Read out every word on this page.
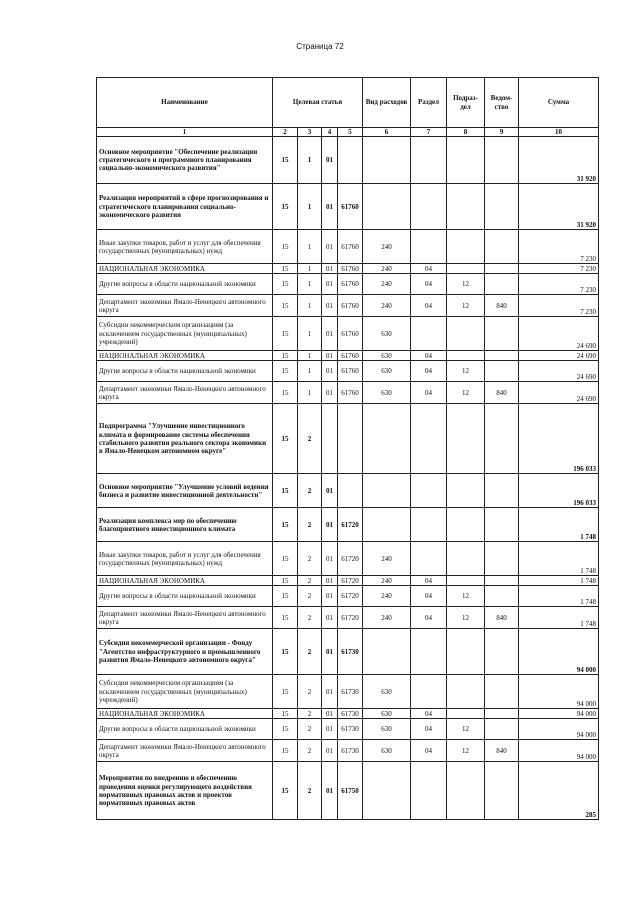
Страница 72
Наименование	Целевая статья				Вид расходов	Раздел	Подраз-дел	Ведом-ство	Сумма
1	2	3	4	5	6	7	8	9	10
Основное мероприятие "Обеспечение реализации стратегического и программного планирования социально-экономического развития"	15	1	01						31 920
Реализация мероприятий в сфере прогнозирования и стратегического планирования социально-экономического развития	15	1	01	61760					31 920
Иные закупки товаров, работ и услуг для обеспечения государственных (муниципальных) нужд	15	1	01	61760	240				7 230
НАЦИОНАЛЬНАЯ ЭКОНОМИКА	15	1	01	61760	240	04			7 230
Другие вопросы в области национальной экономики	15	1	01	61760	240	04	12		7 230
Департамент экономики Ямало-Ненецкого автономного округа	15	1	01	61760	240	04	12	840	7 230
Субсидии некоммерческим организациям (за исключением государственных (муниципальных) учреждений)	15	1	01	61760	630				24 690
НАЦИОНАЛЬНАЯ ЭКОНОМИКА	15	1	01	61760	630	04			24 690
Другие вопросы в области национальной экономики	15	1	01	61760	630	04	12		24 690
Департамент экономики Ямало-Ненецкого автономного округа	15	1	01	61760	630	04	12	840	24 690
Подпрограмма "Улучшение инвестиционного климата и формирование системы обеспечения стабильного развития реального сектора экономики в Ямало-Ненецком автономном округе"	15	2							196 033
Основное мероприятие "Улучшение условий ведения бизнеса и развитие инвестиционной деятельности"	15	2	01						196 033
Реализация комплекса мер по обеспечению благоприятного инвестиционного климата	15	2	01	61720					1 748
Иные закупки товаров, работ и услуг для обеспечения государственных (муниципальных) нужд	15	2	01	61720	240				1 748
НАЦИОНАЛЬНАЯ ЭКОНОМИКА	15	2	01	61720	240	04			1 748
Другие вопросы в области национальной экономики	15	2	01	61720	240	04	12		1 748
Департамент экономики Ямало-Ненецкого автономного округа	15	2	01	61720	240	04	12	840	1 748
Субсидия некоммерческой организации - Фонду "Агентство инфраструктурного и промышленного развития Ямало-Ненецкого автономного округа"	15	2	01	61730					94 000
Субсидии некоммерческим организациям (за исключением государственных (муниципальных) учреждений)	15	2	01	61730	630				94 000
НАЦИОНАЛЬНАЯ ЭКОНОМИКА	15	2	01	61730	630	04			94 000
Другие вопросы в области национальной экономики	15	2	01	61730	630	04	12		94 000
Департамент экономики Ямало-Ненецкого автономного округа	15	2	01	61730	630	04	12	840	94 000
Мероприятия по внедрению и обеспечению проведения оценки регулирующего воздействия нормативных правовых актов и проектов нормативных правовых актов	15	2	01	61750					285
